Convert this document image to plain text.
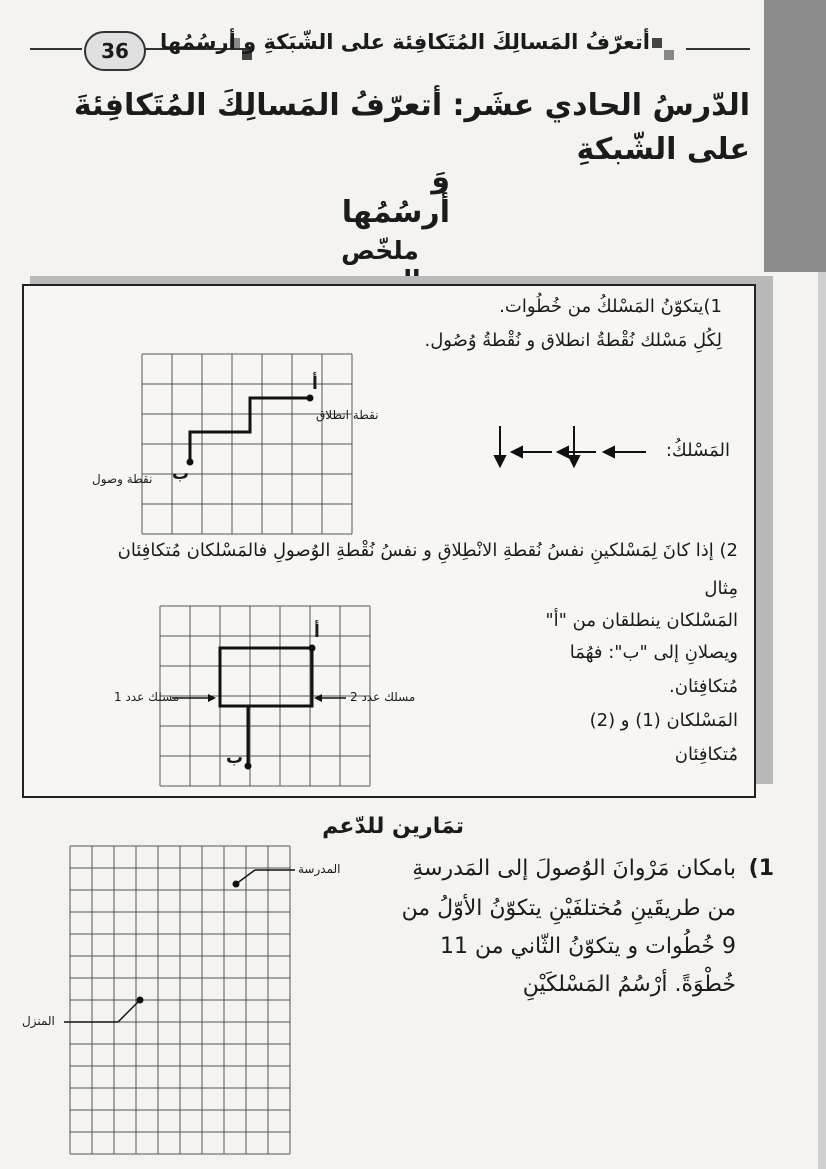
36	أتعرّفُ المَسالِكَ المُتَكافِئة على الشّبَكةِ و أرسُمُها
الدّرسُ الحادي عشَر: أتعرّفُ المَسالِكَ المُتَكافِئةَ على الشّبكةِ
وَ أرسُمُها
ملخّص
1)يتكوّنُ المَسْلكُ من خُطُوات.
لِكُلِ مَسْلك نُقْطةُ انطلاق و نُقْطةُ وُصُول.
المَسْلكُ:
2) إذا كانَ لِمَسْلكينِ نفسُ نُقطةِ الانْطِلاقِ و نفسُ نُقْطةِ الوُصولِ فالمَسْلكان مُتكافِئان
مِثال
المَسْلكان ينطلقان من "أ"
ويصلانِ إلى "ب": فهُمَا
مُتكافِئان.
المَسْلكان (1) و (2)
مُتكافِئان
تمَارين للدّعم
1)
بامكان مَرْوانَ الوُصولَ إلى المَدرسةِ
من طريقَينِ مُختلفَيْنِ يتكوّنُ الأوّلُ من
9 خُطُوات و يتكوّنُ الثّاني من 11
خُطْوَةً. أرْسُمُ المَسْلكَيْنِ
أ
نقطة انطلاق
ب
نقطة وصول
أ
ب
مسلك عدد 1	مسلك عدد 2
المدرسة
المنزل
